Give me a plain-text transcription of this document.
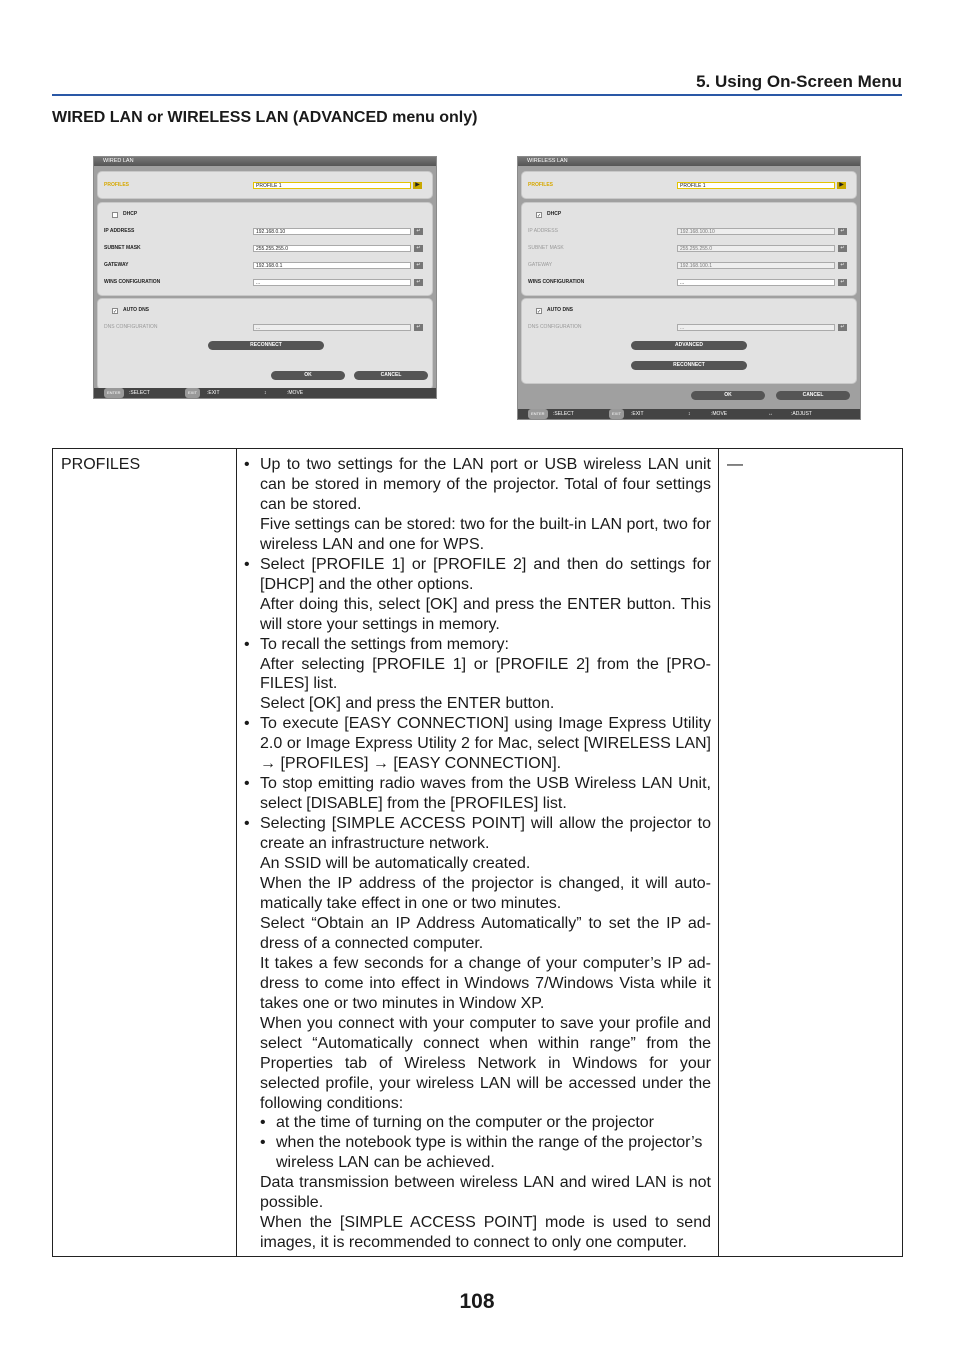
5. Using On-Screen Menu
WIRED LAN or WIRELESS LAN (ADVANCED menu only)
WIRED LAN
PROFILES	PROFILE 1	▶
DHCP
IP ADDRESS	192.168.0.10	↵
SUBNET MASK	255.255.255.0	↵
GATEWAY	192.168.0.1	↵
WINS CONFIGURATION	...	↵
✓ AUTO DNS
DNS CONFIGURATION	...	↵
RECONNECT
OK	CANCEL
ENTER	:SELECT	EXIT	:EXIT	↕	:MOVE
WIRELESS LAN
PROFILES	PROFILE 1	▶
✓ DHCP
IP ADDRESS	192.168.100.10	↵
SUBNET MASK	255.255.255.0	↵
GATEWAY	192.168.100.1	↵
WINS CONFIGURATION	...	↵
✓ AUTO DNS
DNS CONFIGURATION	...	↵
ADVANCED
RECONNECT
OK	CANCEL
ENTER	:SELECT	EXIT	:EXIT	↕	:MOVE	↔	:ADJUST
PROFILES
•	Up to two settings for the LAN port or USB wireless LAN unit can be stored in memory of the projector. Total of four settings can be stored.
Five settings can be stored: two for the built-in LAN port, two for wireless LAN and one for WPS.
• Select [PROFILE 1] or [PROFILE 2] and then do settings for [DHCP] and the other options.
After doing this, select [OK] and press the ENTER button. This will store your settings in memory.
• To recall the settings from memory:
After selecting [PROFILE 1] or [PROFILE 2] from the [PRO-FILES] list.
Select [OK] and press the ENTER button.
• To execute [EASY CONNECTION] using Image Express Utility 2.0 or Image Express Utility 2 for Mac, select [WIRELESS LAN] → [PROFILES] → [EASY CONNECTION].
• To stop emitting radio waves from the USB Wireless LAN Unit, select [DISABLE] from the [PROFILES] list.
• Selecting [SIMPLE ACCESS POINT] will allow the projector to create an infrastructure network.
An SSID will be automatically created.
When the IP address of the projector is changed, it will auto-matically take effect in one or two minutes.
Select “Obtain an IP Address Automatically” to set the IP ad-dress of a connected computer.
It takes a few seconds for a change of your computer’s IP ad-dress to come into effect in Windows 7/Windows Vista while it takes one or two minutes in Window XP.
When you connect with your computer to save your profile and select “Automatically connect when within range” from the Properties tab of Wireless Network in Windows for your selected profile, your wireless LAN will be accessed under the following conditions:
• at the time of turning on the computer or the projector
• when the notebook type is within the range of the projector’s wireless LAN can be achieved.
Data transmission between wireless LAN and wired LAN is not possible.
When the [SIMPLE ACCESS POINT] mode is used to send images, it is recommended to connect to only one computer.
—
108
